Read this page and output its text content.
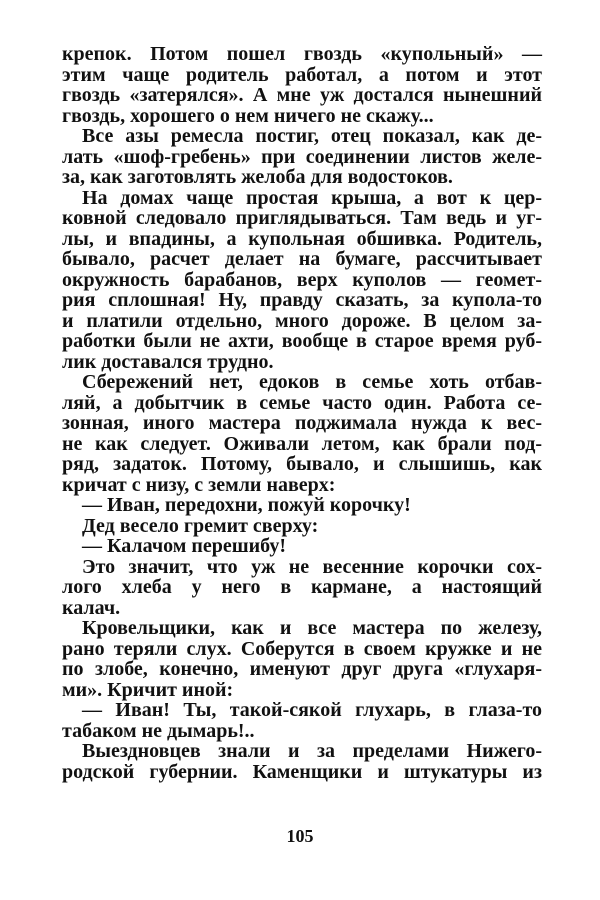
крепок. Потом пошел гвоздь «купольный» —
этим чаще родитель работал, а потом и этот
гвоздь «затерялся». А мне уж достался нынешний
гвоздь, хорошего о нем ничего не скажу...
Все азы ремесла постиг, отец показал, как де-
лать «шоф-гребень» при соединении листов желе-
за, как заготовлять желоба для водостоков.
На домах чаще простая крыша, а вот к цер-
ковной следовало приглядываться. Там ведь и уг-
лы, и впадины, а купольная обшивка. Родитель,
бывало, расчет делает на бумаге, рассчитывает
окружность барабанов, верх куполов — геомет-
рия сплошная! Ну, правду сказать, за купола-то
и платили отдельно, много дороже. В целом за-
работки были не ахти, вообще в старое время руб-
лик доставался трудно.
Сбережений нет, едоков в семье хоть отбав-
ляй, а добытчик в семье часто один. Работа се-
зонная, иного мастера поджимала нужда к вес-
не как следует. Оживали летом, как брали под-
ряд, задаток. Потому, бывало, и слышишь, как
кричат с низу, с земли наверх:
— Иван, передохни, пожуй корочку!
Дед весело гремит сверху:
— Калачом перешибу!
Это значит, что уж не весенние корочки сох-
лого хлеба у него в кармане, а настоящий
калач.
Кровельщики, как и все мастера по железу,
рано теряли слух. Соберутся в своем кружке и не
по злобе, конечно, именуют друг друга «глухаря-
ми». Кричит иной:
— Иван! Ты, такой-сякой глухарь, в глаза-то
табаком не дымарь!..
Выездновцев знали и за пределами Нижего-
родской губернии. Каменщики и штукатуры из
105
